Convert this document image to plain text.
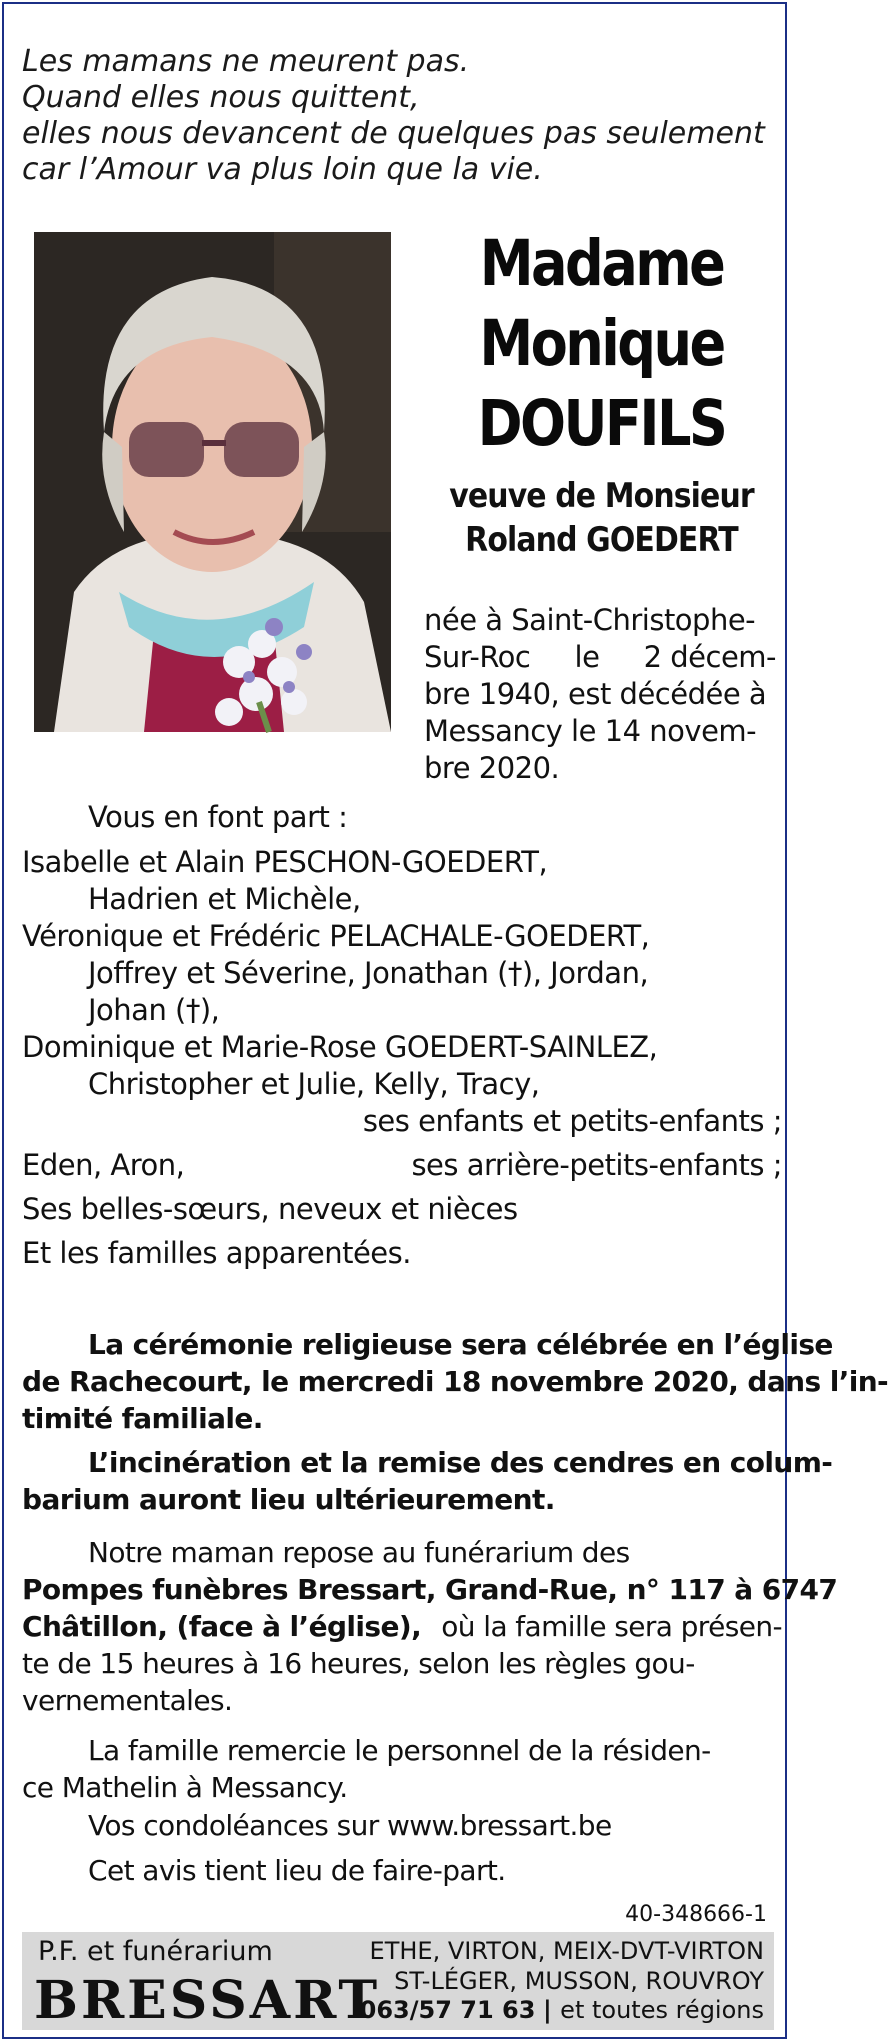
Les mamans ne meurent pas.
Quand elles nous quittent,
elles nous devancent de quelques pas seulement
car l’Amour va plus loin que la vie.
Madame
Monique
DOUFILS
veuve de Monsieur
Roland GOEDERT
née à Saint-Christophe-
Sur-Roc le 2 décem-
bre 1940, est décédée à
Messancy le 14 novem-
bre 2020.
Vous en font part :
Isabelle et Alain PESCHON-GOEDERT,
Hadrien et Michèle,
Véronique et Frédéric PELACHALE-GOEDERT,
Joffrey et Séverine, Jonathan (†), Jordan,
Johan (†),
Dominique et Marie-Rose GOEDERT-SAINLEZ,
Christopher et Julie, Kelly, Tracy,
ses enfants et petits-enfants ;
Eden, Aron,	ses arrière-petits-enfants ;
Ses belles-sœurs, neveux et nièces
Et les familles apparentées.
La cérémonie religieuse sera célébrée en l’église
de Rachecourt, le mercredi 18 novembre 2020, dans l’in-
timité familiale.
L’incinération et la remise des cendres en colum-
barium auront lieu ultérieurement.
Notre maman repose au funérarium des
Pompes funèbres Bressart, Grand-Rue, n° 117 à 6747
Châtillon, (face à l’église), où la famille sera présen-
te de 15 heures à 16 heures, selon les règles gou-
vernementales.
La famille remercie le personnel de la résiden-
ce Mathelin à Messancy.
Vos condoléances sur www.bressart.be
Cet avis tient lieu de faire-part.
40-348666-1
P.F. et funérarium
BRESSART
ETHE, VIRTON, MEIX-DVT-VIRTON
ST-LÉGER, MUSSON, ROUVROY
063/57 71 63 | et toutes régions
